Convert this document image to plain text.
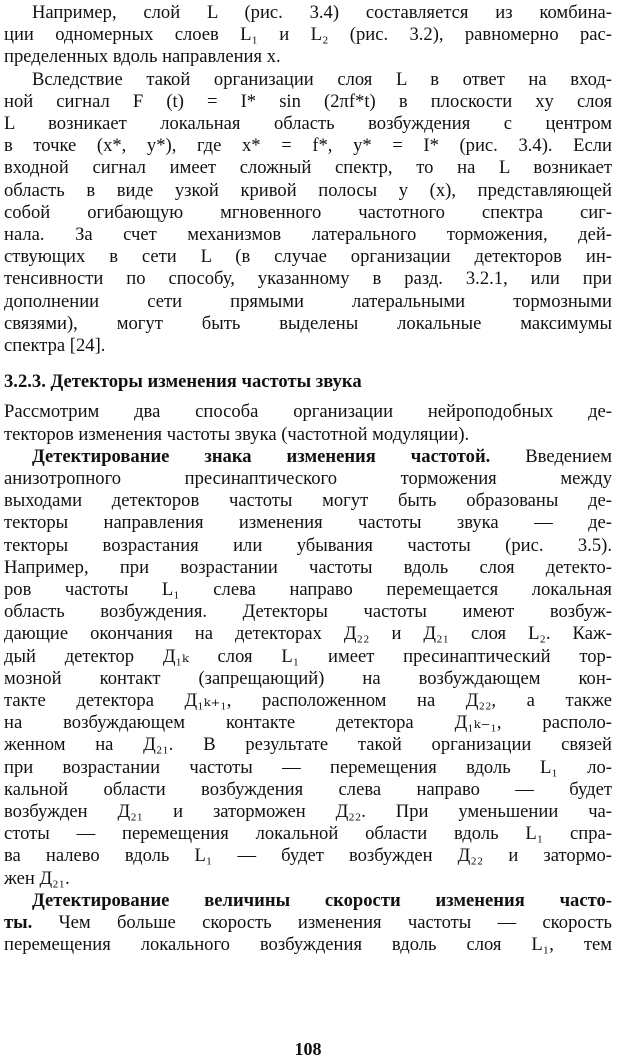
Например, слой L (рис. 3.4) составляется из комбина-
ции одномерных слоев L₁ и L₂ (рис. 3.2), равномерно рас-
пределенных вдоль направления x.
Вследствие такой организации слоя L в ответ на вход-
ной сигнал F (t) = I* sin (2πf*t) в плоскости xy слоя
L возникает локальная область возбуждения с центром
в точке (x*, y*), где x* = f*, y* = I* (рис. 3.4). Если
входной сигнал имеет сложный спектр, то на L возникает
область в виде узкой кривой полосы y (x), представляющей
собой огибающую мгновенного частотного спектра сиг-
нала. За счет механизмов латерального торможения, дей-
ствующих в сети L (в случае организации детекторов ин-
тенсивности по способу, указанному в разд. 3.2.1, или при
дополнении сети прямыми латеральными тормозными
связями), могут быть выделены локальные максимумы
спектра [24].
3.2.3. Детекторы изменения частоты звука
Рассмотрим два способа организации нейроподобных де-
текторов изменения частоты звука (частотной модуляции).
Детектирование знака изменения частотой. Введением
анизотропного пресинаптического торможения между
выходами детекторов частоты могут быть образованы де-
текторы направления изменения частоты звука — де-
текторы возрастания или убывания частоты (рис. 3.5).
Например, при возрастании частоты вдоль слоя детекто-
ров частоты L₁ слева направо перемещается локальная
область возбуждения. Детекторы частоты имеют возбуж-
дающие окончания на детекторах Д₂₂ и Д₂₁ слоя L₂. Каж-
дый детектор Д₁ₖ слоя L₁ имеет пресинаптический тор-
мозной контакт (запрещающий) на возбуждающем кон-
такте детектора Д₁ₖ₊₁, расположенном на Д₂₂, а также
на возбуждающем контакте детектора Д₁ₖ₋₁, располо-
женном на Д₂₁. В результате такой организации связей
при возрастании частоты — перемещения вдоль L₁ ло-
кальной области возбуждения слева направо — будет
возбужден Д₂₁ и заторможен Д₂₂. При уменьшении ча-
стоты — перемещения локальной области вдоль L₁ спра-
108
ва налево вдоль L₁ — будет возбужден Д₂₂ и затормо-
жен Д₂₁.
Детектирование величины скорости изменения часто-
ты. Чем больше скорость изменения частоты — скорость
перемещения локального возбуждения вдоль слоя L₁, тем
